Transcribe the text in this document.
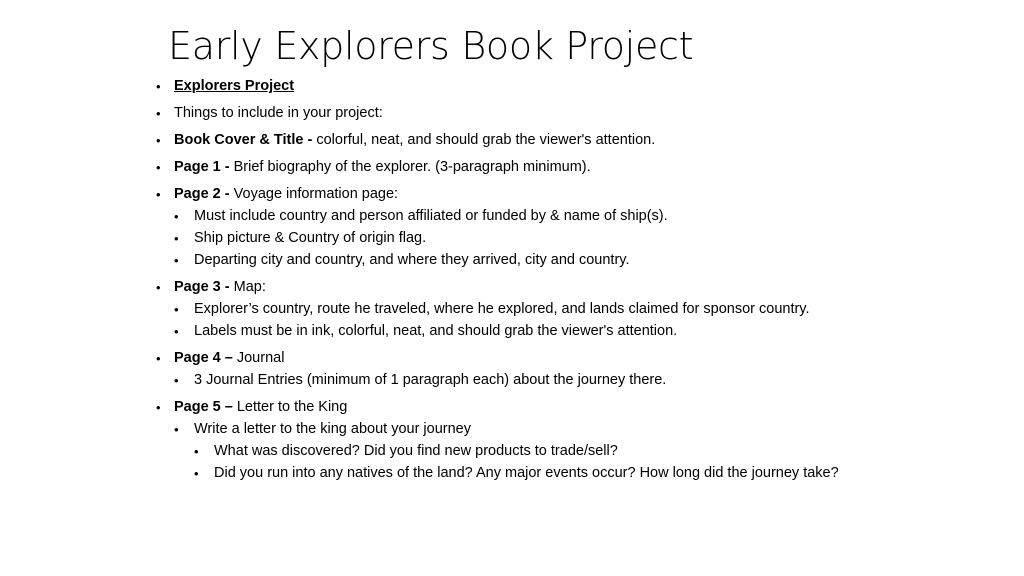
Early Explorers Book Project
• Explorers Project
• Things to include in your project:
• Book Cover & Title - colorful, neat, and should grab the viewer's attention.
• Page 1 - Brief biography of the explorer. (3-paragraph minimum).
• Page 2 - Voyage information page:
• Must include country and person affiliated or funded by & name of ship(s).
• Ship picture & Country of origin flag.
• Departing city and country, and where they arrived, city and country.
• Page 3 - Map:
• Explorer’s country, route he traveled, where he explored, and lands claimed for sponsor country.
• Labels must be in ink, colorful, neat, and should grab the viewer's attention.
• Page 4 – Journal
• 3 Journal Entries (minimum of 1 paragraph each) about the journey there.
• Page 5 – Letter to the King
• Write a letter to the king about your journey
• What was discovered? Did you find new products to trade/sell?
• Did you run into any natives of the land? Any major events occur? How long did the journey take?
